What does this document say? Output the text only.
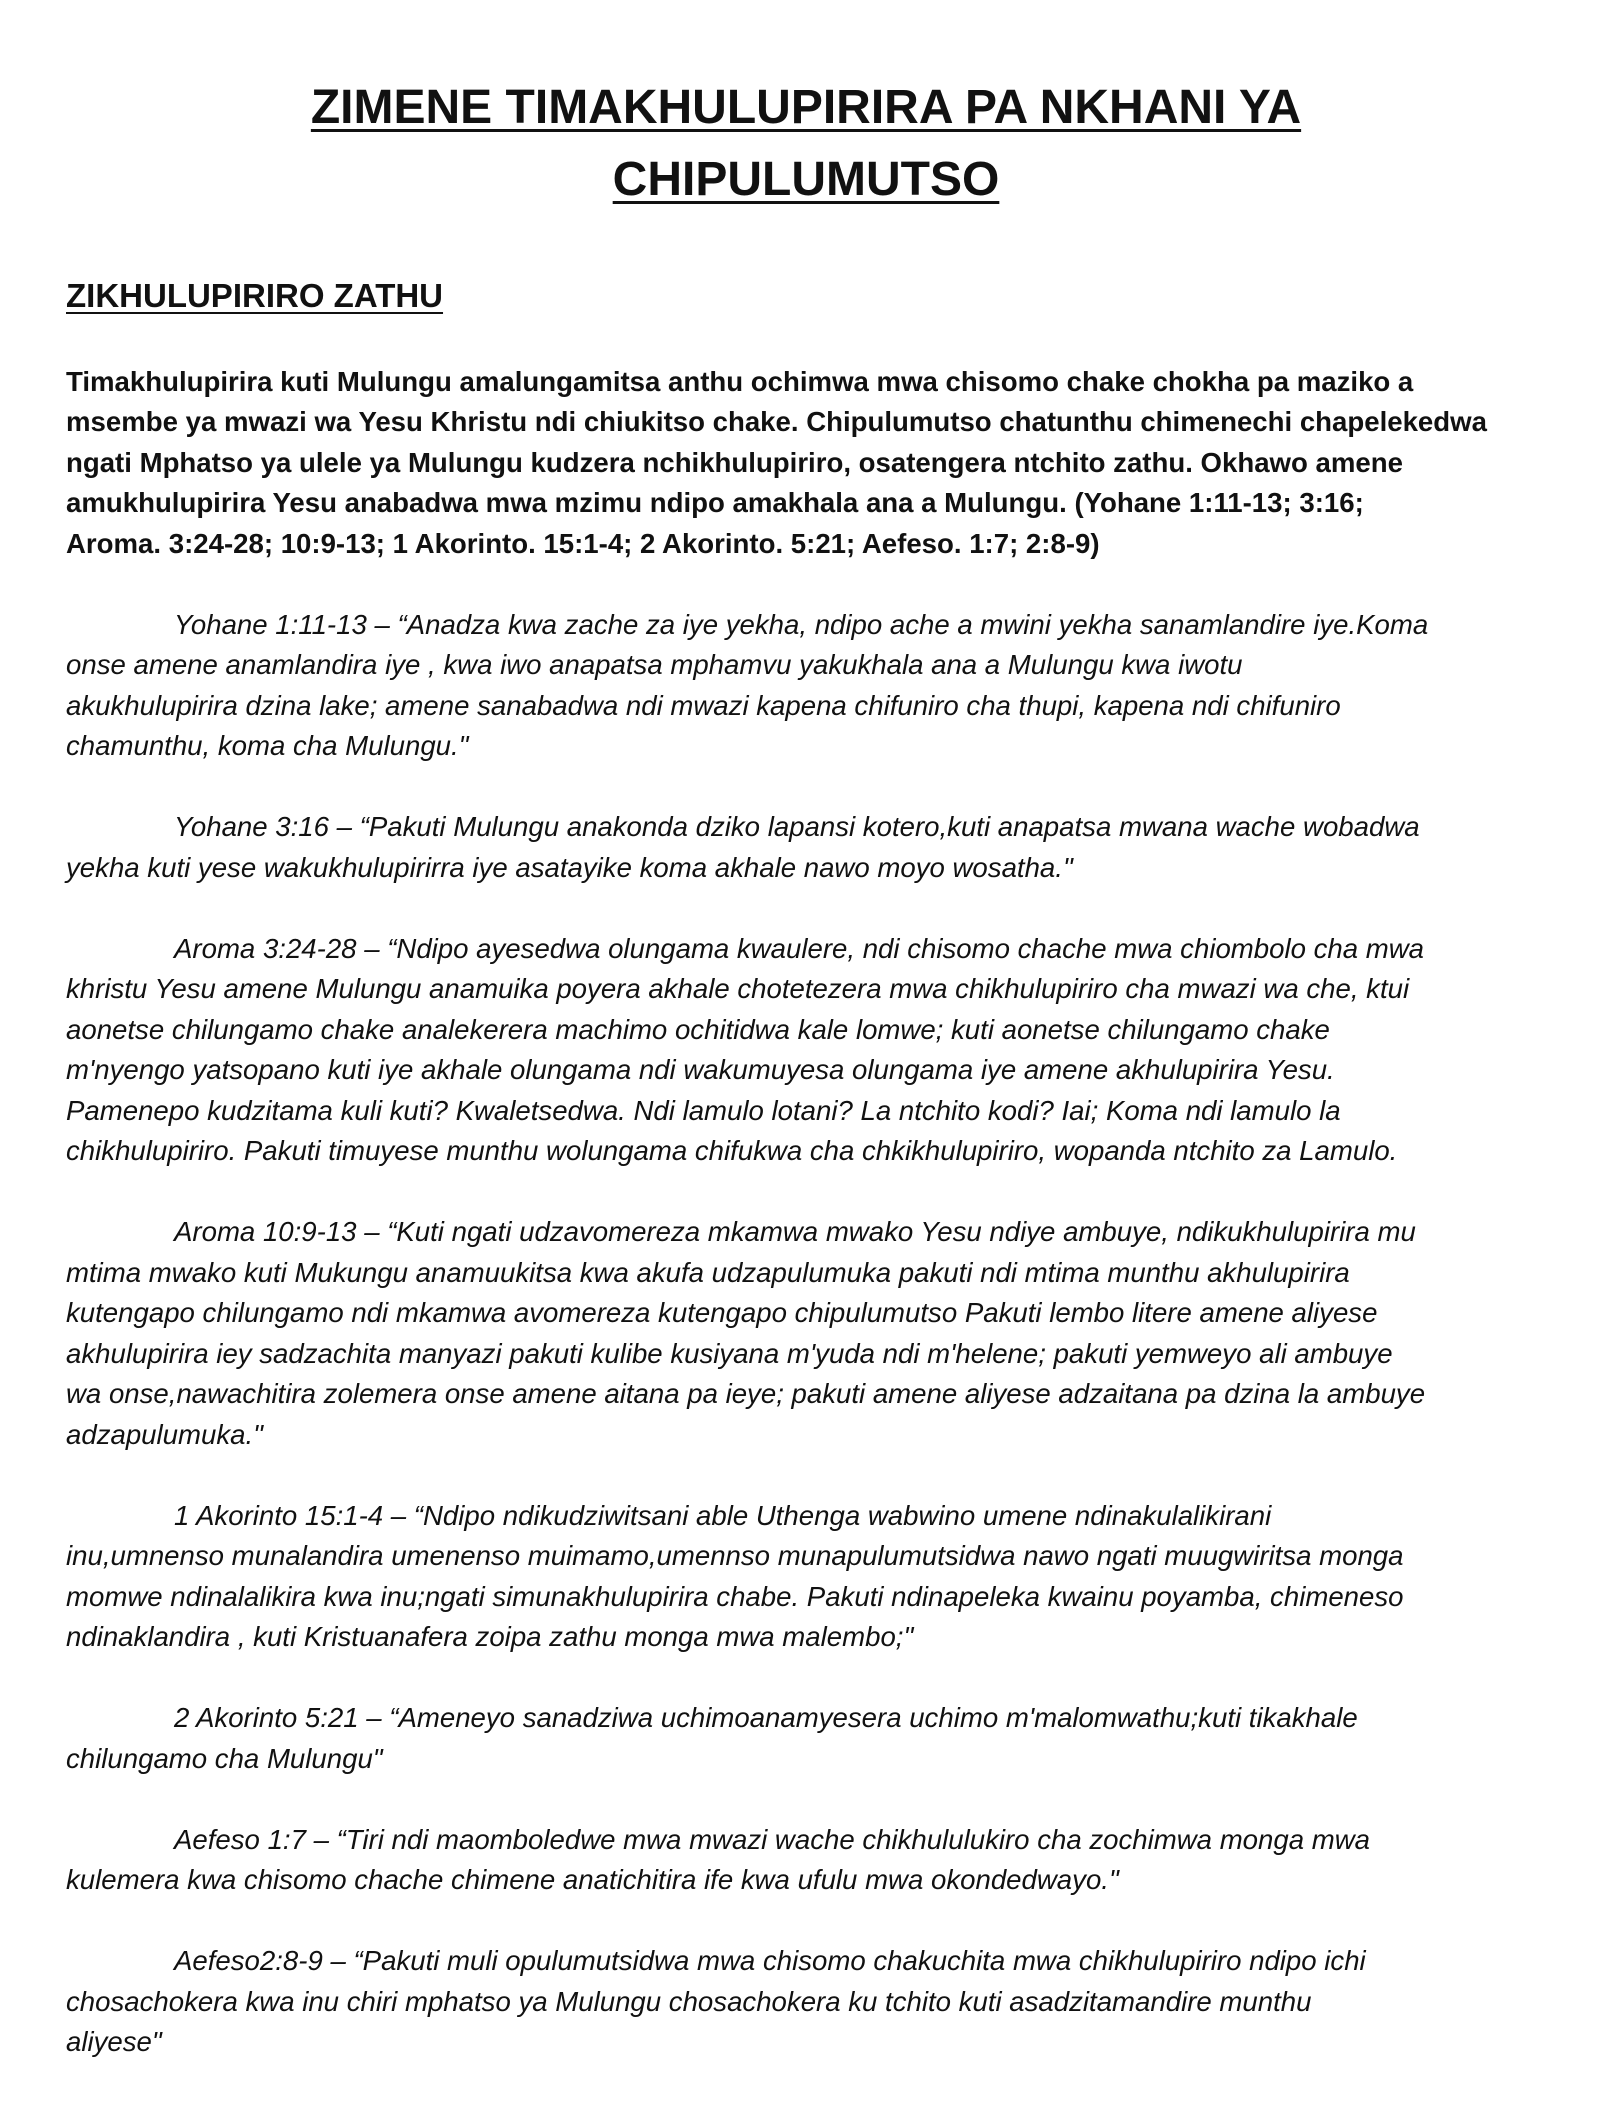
ZIMENE TIMAKHULUPIRIRA PA NKHANI YA
CHIPULUMUTSO
ZIKHULUPIRIRO ZATHU

Timakhulupirira kuti Mulungu amalungamitsa anthu ochimwa mwa chisomo chake chokha pa maziko a
msembe ya mwazi wa Yesu Khristu ndi chiukitso chake. Chipulumutso chatunthu chimenechi chapelekedwa
ngati Mphatso ya ulele ya Mulungu kudzera nchikhulupiriro, osatengera ntchito zathu. Okhawo amene
amukhulupirira Yesu anabadwa mwa mzimu ndipo amakhala ana a Mulungu. (Yohane 1:11-13; 3:16;
Aroma. 3:24-28; 10:9-13; 1 Akorinto. 15:1-4; 2 Akorinto. 5:21; Aefeso. 1:7; 2:8-9)

Yohane 1:11-13 – “Anadza kwa zache za iye yekha, ndipo ache a mwini yekha sanamlandire iye.Koma
onse amene anamlandira iye , kwa iwo anapatsa mphamvu yakukhala ana a Mulungu kwa iwotu
akukhulupirira dzina lake; amene sanabadwa ndi mwazi kapena chifuniro cha thupi, kapena ndi chifuniro
chamunthu, koma cha Mulungu."

Yohane 3:16 – “Pakuti Mulungu anakonda dziko lapansi kotero,kuti anapatsa mwana wache wobadwa
yekha kuti yese wakukhulupirirra iye asatayike koma akhale nawo moyo wosatha."

Aroma 3:24-28 – “Ndipo ayesedwa olungama kwaulere, ndi chisomo chache mwa chiombolo cha mwa
khristu Yesu amene Mulungu anamuika poyera akhale chotetezera mwa chikhulupiriro cha mwazi wa che, ktui
aonetse chilungamo chake analekerera machimo ochitidwa kale lomwe; kuti aonetse chilungamo chake
m'nyengo yatsopano kuti iye akhale olungama ndi wakumuyesa olungama iye amene akhulupirira Yesu.
Pamenepo kudzitama kuli kuti? Kwaletsedwa. Ndi lamulo lotani? La ntchito kodi? Iai; Koma ndi lamulo la
chikhulupiriro. Pakuti timuyese munthu wolungama chifukwa cha chkikhulupiriro, wopanda ntchito za Lamulo.

Aroma 10:9-13 – “Kuti ngati udzavomereza mkamwa mwako Yesu ndiye ambuye, ndikukhulupirira mu
mtima mwako kuti Mukungu anamuukitsa kwa akufa udzapulumuka pakuti ndi mtima munthu akhulupirira
kutengapo chilungamo ndi mkamwa avomereza kutengapo chipulumutso Pakuti lembo litere amene aliyese
akhulupirira iey sadzachita manyazi pakuti kulibe kusiyana m'yuda ndi m'helene; pakuti yemweyo ali ambuye
wa onse,nawachitira zolemera onse amene aitana pa ieye; pakuti amene aliyese adzaitana pa dzina la ambuye
adzapulumuka."

1 Akorinto 15:1-4 – “Ndipo ndikudziwitsani able Uthenga wabwino umene ndinakulalikirani
inu,umnenso munalandira umenenso muimamo,umennso munapulumutsidwa nawo ngati muugwiritsa monga
momwe ndinalalikira kwa inu;ngati simunakhulupirira chabe. Pakuti ndinapeleka kwainu poyamba, chimeneso
ndinaklandira , kuti Kristuanafera zoipa zathu monga mwa malembo;"

2 Akorinto 5:21 – “Ameneyo sanadziwa uchimoanamyesera uchimo m'malomwathu;kuti tikakhale
chilungamo cha Mulungu"

Aefeso 1:7 – “Tiri ndi maomboledwe mwa mwazi wache chikhululukiro cha zochimwa monga mwa
kulemera kwa chisomo chache chimene anatichitira ife kwa ufulu mwa okondedwayo."

Aefeso2:8-9 – “Pakuti muli opulumutsidwa mwa chisomo chakuchita mwa chikhulupiriro ndipo ichi
chosachokera kwa inu chiri mphatso ya Mulungu chosachokera ku tchito kuti asadzitamandire munthu
aliyese"
